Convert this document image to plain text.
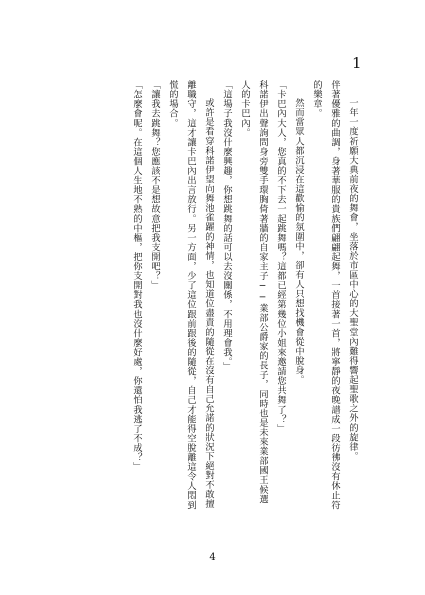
1

一年一度祈願大典前夜的舞會，坐落於市區中心的大聖堂內難得響起聖歌之外的旋律。

伴著優雅的曲調，身著華服的貴族們翩翩起舞，一首接著一首，將寧靜的夜晚譜成一段彷彿沒有休止符的樂章。

然而當眾人都沉浸在這歡愉的氛圍中，卻有人只想找機會從中脫身。

「卡巴內大人，您真的不下去一起跳舞嗎？這都已經第幾位小姐來邀請您共舞了？」

科諾伊出聲詢問身旁雙手環胸倚著牆的自家主子──業部公爵家的長子，同時也是未來業部國王候選人的卡巴內。

「這場子我沒什麼興趣，你想跳舞的話可以去沒關係，不用理會我。」

或許是看穿科諾伊望向舞池雀躍的神情，也知道位盡責的隨從在沒有自己允諾的狀況下絕對不敢擅離職守，這才讓卡巴內出言放行。另一方面，少了這位跟前跟後的隨從，自己才能得空脫離這令人悶到慌的場合。

「讓我去跳舞？您應該不是想故意把我支開吧？」

「怎麼會呢。在這個人生地不熟的中樞，把你支開對我也沒什麼好處，你還怕我逃了不成？」

4
